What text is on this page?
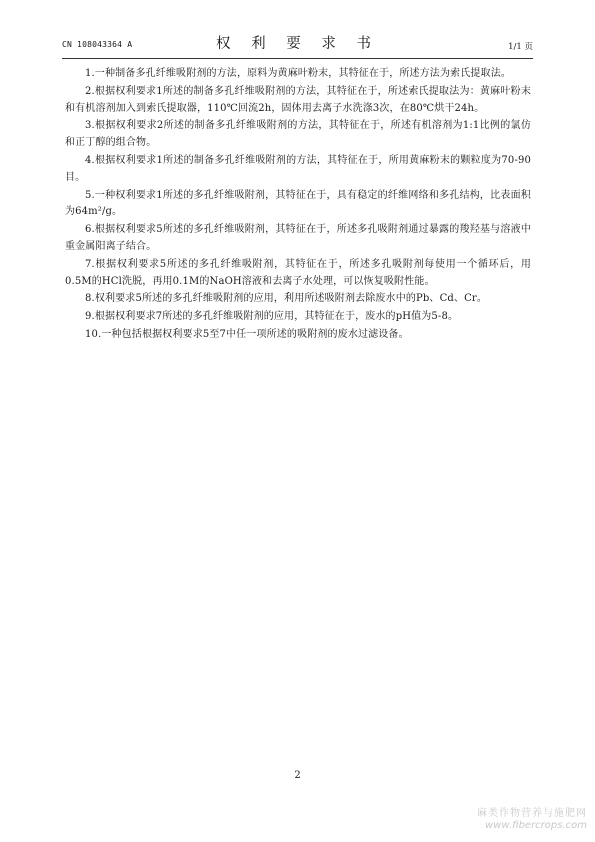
CN 108043364 A	权 利 要 求 书	1/1 页
1.一种制备多孔纤维吸附剂的方法，原料为黄麻叶粉末，其特征在于，所述方法为索氏提取法。
2.根据权利要求1所述的制备多孔纤维吸附剂的方法，其特征在于，所述索氏提取法为：黄麻叶粉末和有机溶剂加入到索氏提取器，110℃回流2h，固体用去离子水洗涤3次，在80℃烘干24h。
3.根据权利要求2所述的制备多孔纤维吸附剂的方法，其特征在于，所述有机溶剂为1:1比例的氯仿和正丁醇的组合物。
4.根据权利要求1所述的制备多孔纤维吸附剂的方法，其特征在于，所用黄麻粉末的颗粒度为70-90目。
5.一种权利要求1所述的多孔纤维吸附剂，其特征在于，具有稳定的纤维网络和多孔结构，比表面积为64m²/g。
6.根据权利要求5所述的多孔纤维吸附剂，其特征在于，所述多孔吸附剂通过暴露的羧羟基与溶液中重金属阳离子结合。
7.根据权利要求5所述的多孔纤维吸附剂，其特征在于，所述多孔吸附剂每使用一个循环后，用0.5M的HCl洗脱，再用0.1M的NaOH溶液和去离子水处理，可以恢复吸附性能。
8.权利要求5所述的多孔纤维吸附剂的应用，利用所述吸附剂去除废水中的Pb、Cd、Cr。
9.根据权利要求7所述的多孔纤维吸附剂的应用，其特征在于，废水的pH值为5-8。
10.一种包括根据权利要求5至7中任一项所述的吸附剂的废水过滤设备。
2
麻类作物营养与施肥网
www.fibercrops.com
